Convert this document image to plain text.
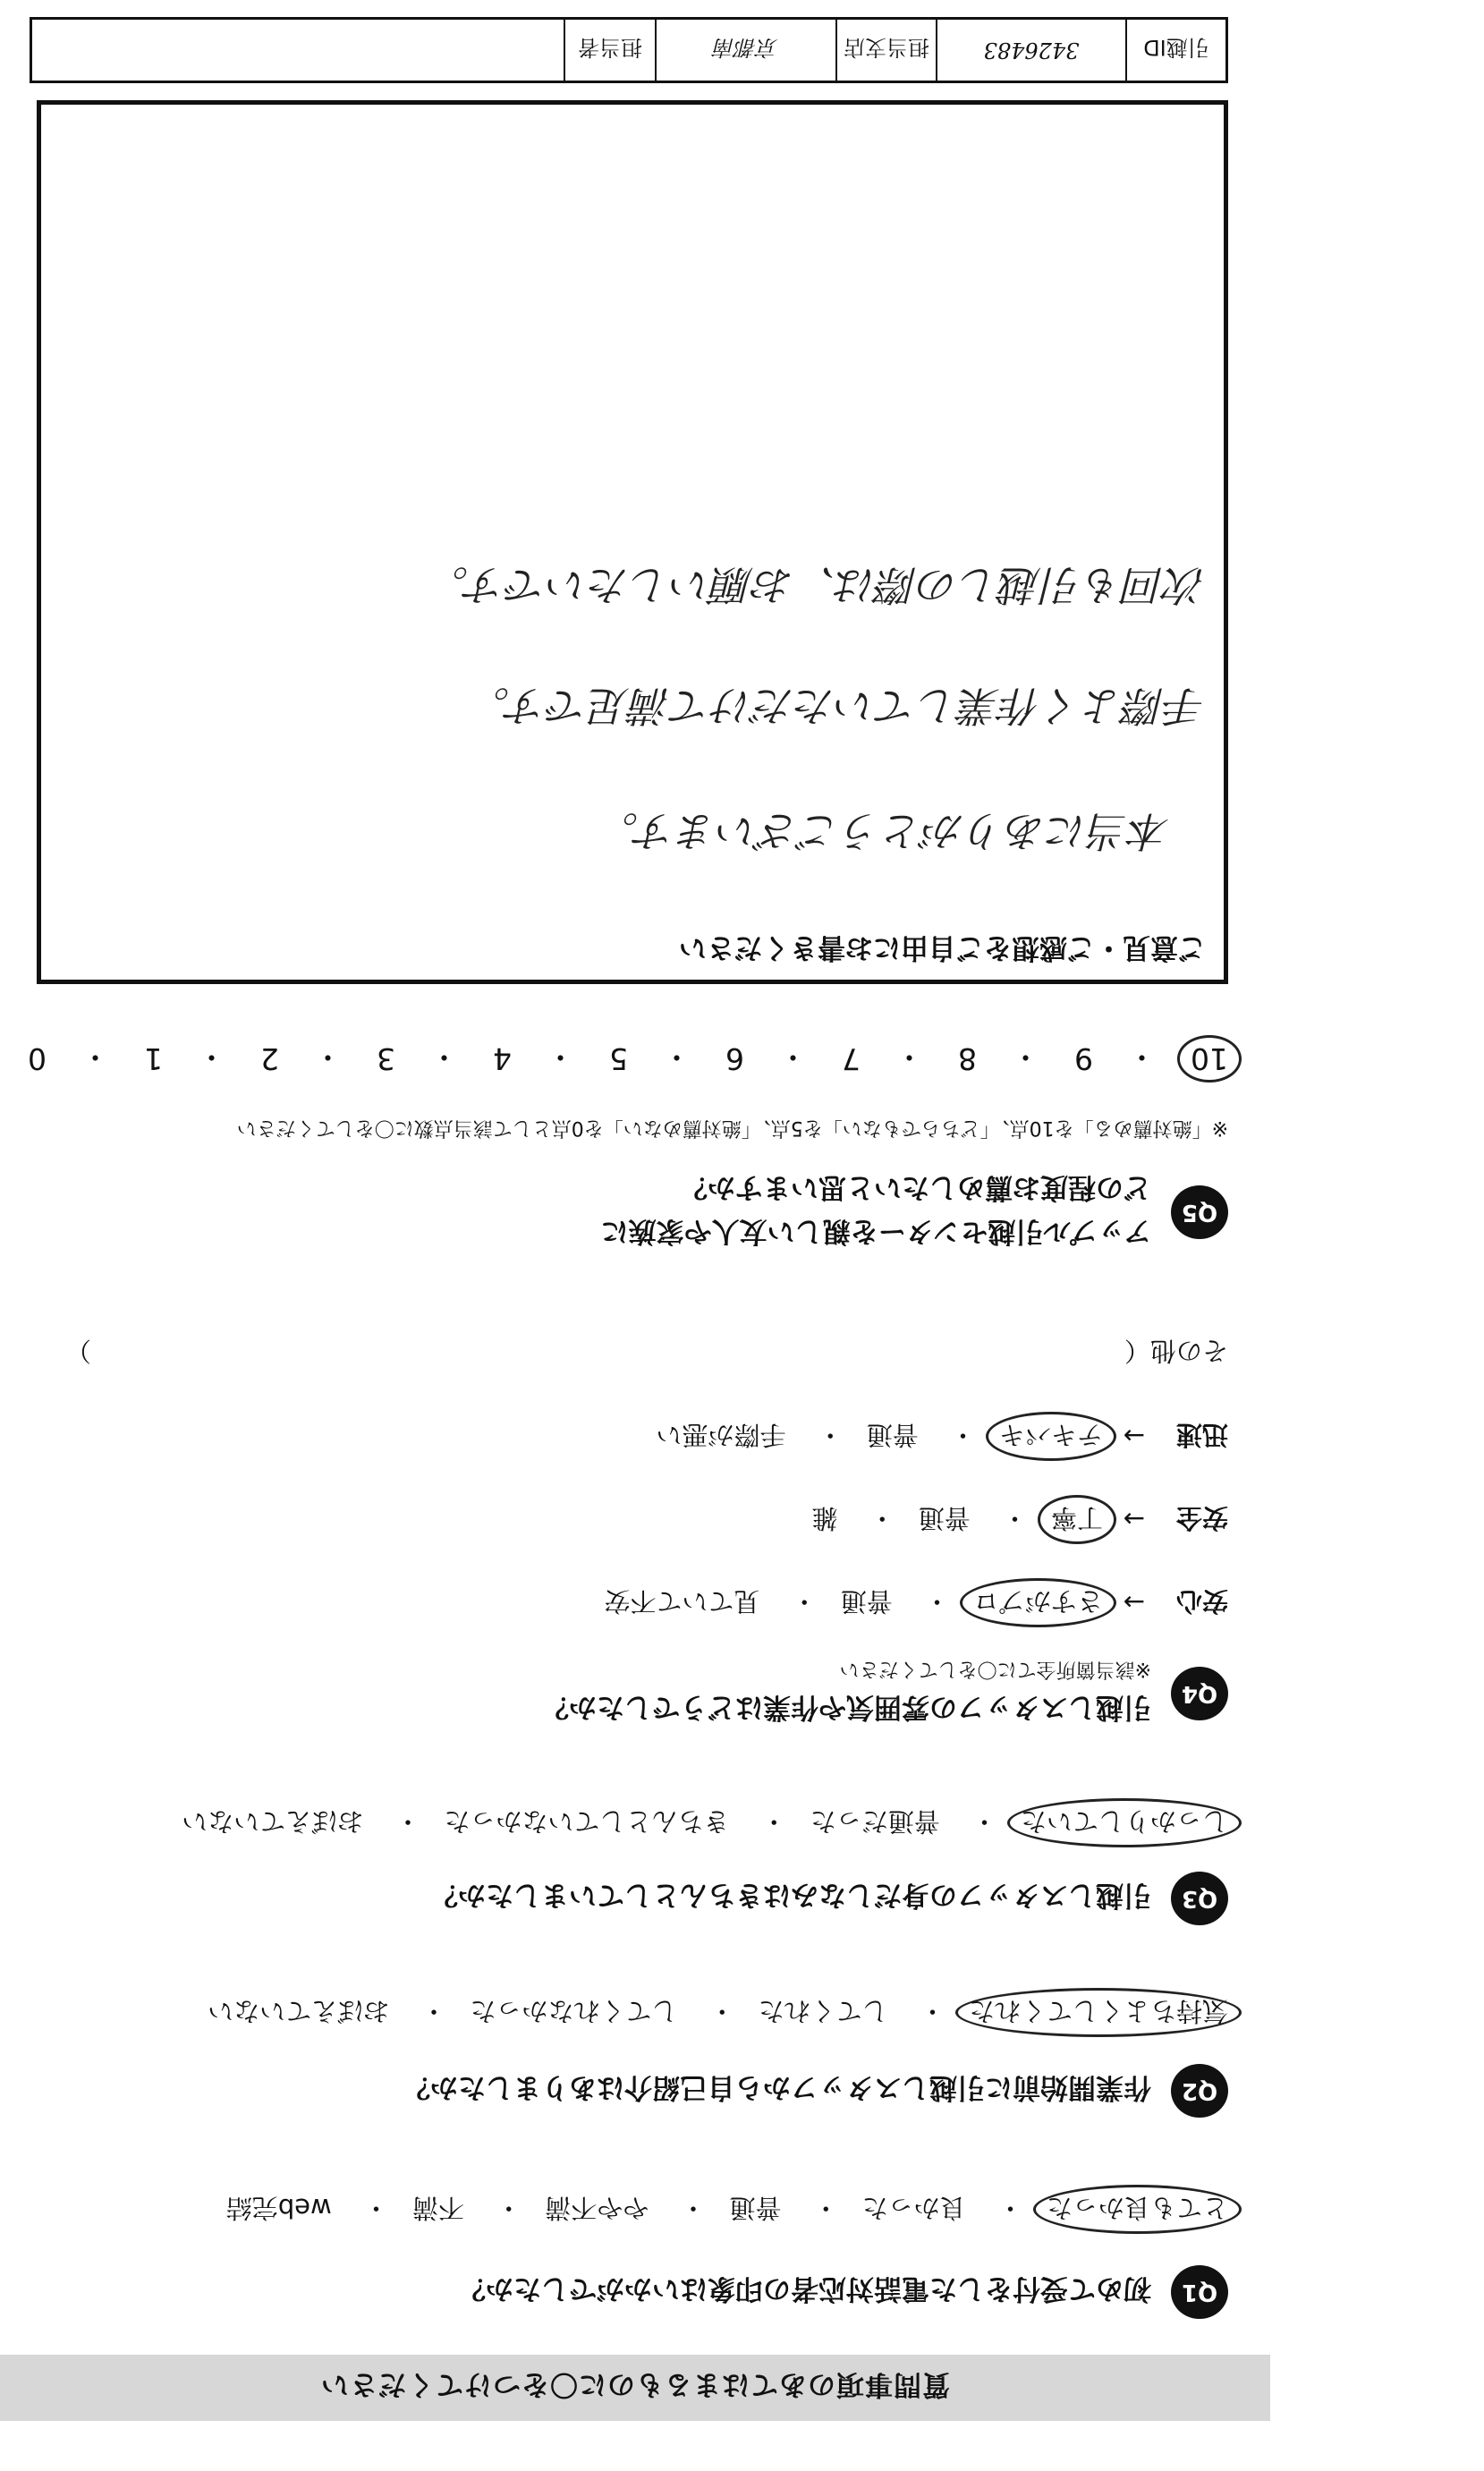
質問事項のあてはまるものに〇をつけてください
Q1
初めて受付をした電話対応者の印象はいかがでしたか？
とても良かった・ 良かった・ 普通・ やや不満・ 不満・ web完結
Q2
作業開始前に引越しスタッフから自己紹介はありましたか？
気持ちよくしてくれた・ してくれた・ してくれなかった・ おぼえていない
Q3
引越しスタッフの身だしなみはきちんとしていましたか？
しっかりしていた・ 普通だった・ きちんとしていなかった・ おぼえていない
Q4
引越しスタッフの雰囲気や作業はどうでしたか？
※該当箇所全てに〇をしてください
安心
→
さすがプロ・ 普通・ 見ていて不安
安全
→
丁寧・ 普通・ 雑
迅速
→
テキパキ・ 普通・ 手際が悪い
その他（
）
Q5
アップル引越センターを親しい友人や家族に
どの程度お薦めしたいと思いますか？
※「絶対薦める」を10点、「どちらでもない」を5点、「絶対薦めない」を0点として該当点数に〇をしてください
10
・
9
・
8
・
7
・
6
・
5
・
4
・
3
・
2
・
1
・
0
ご意見・ご感想をご自由にお書きください
本当にありがとうございます。
手際よく作業していただけて満足です。
次回も引越しの際は、お願いしたいです。
引越ID
3426483
担当支店
京都南
担当者
